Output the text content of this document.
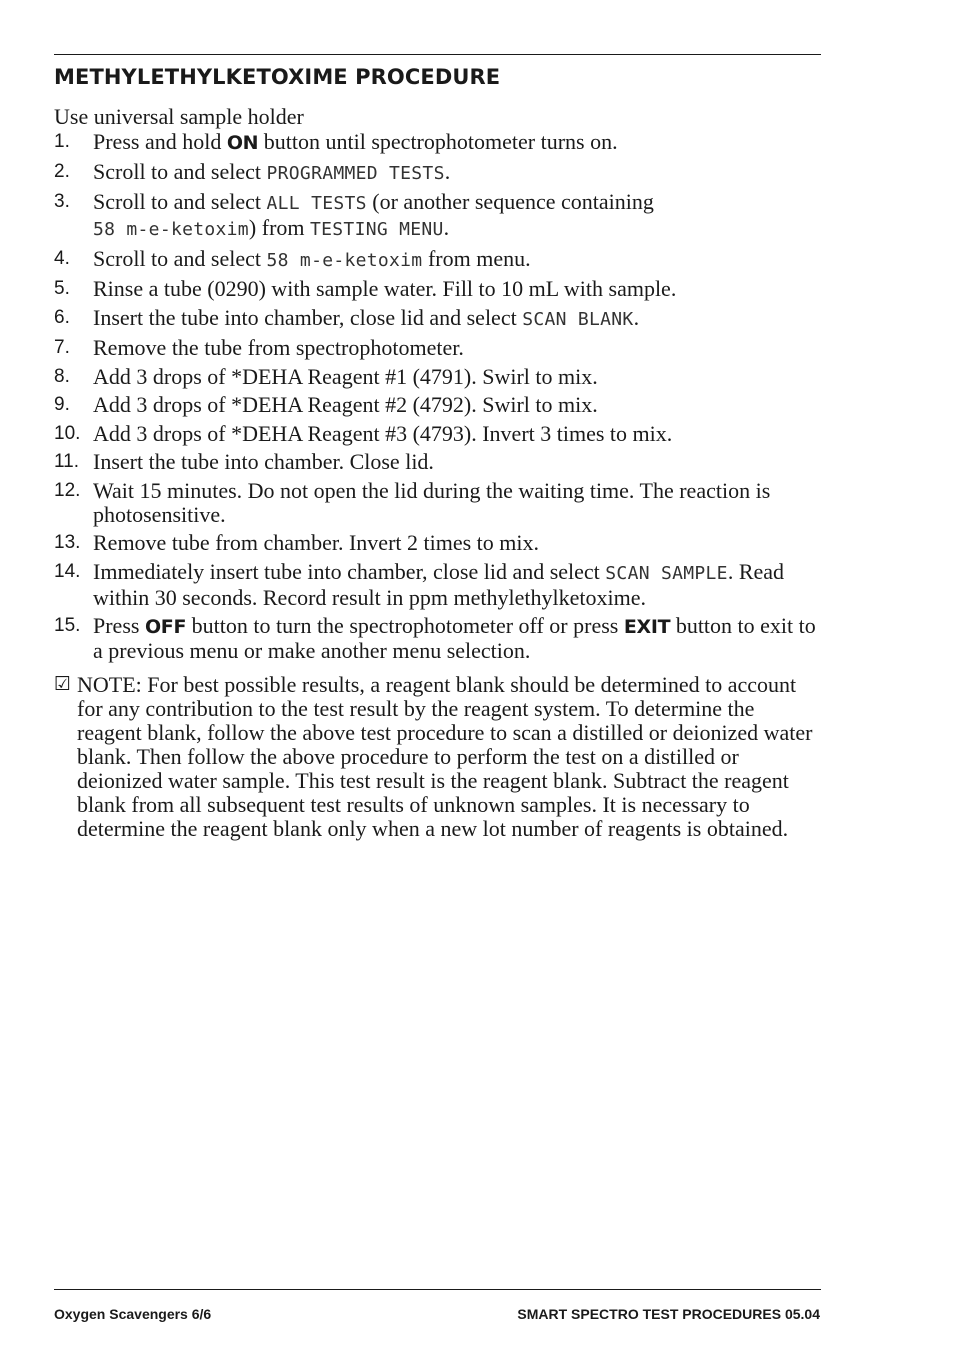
METHYLETHYLKETOXIME PROCEDURE

Use universal sample holder

1. Press and hold ON button until spectrophotometer turns on.
2. Scroll to and select PROGRAMMED TESTS.
3. Scroll to and select ALL TESTS (or another sequence containing
58 m-e-ketoxim) from TESTING MENU.
4. Scroll to and select 58 m-e-ketoxim from menu.
5. Rinse a tube (0290) with sample water. Fill to 10 mL with sample.
6. Insert the tube into chamber, close lid and select SCAN BLANK.
7. Remove the tube from spectrophotometer.
8. Add 3 drops of *DEHA Reagent #1 (4791). Swirl to mix.
9. Add 3 drops of *DEHA Reagent #2 (4792). Swirl to mix.
10. Add 3 drops of *DEHA Reagent #3 (4793). Invert 3 times to mix.
11. Insert the tube into chamber. Close lid.
12. Wait 15 minutes. Do not open the lid during the waiting time. The reaction is photosensitive.
13. Remove tube from chamber. Invert 2 times to mix.
14. Immediately insert tube into chamber, close lid and select SCAN SAMPLE. Read within 30 seconds. Record result in ppm methylethylketoxime.
15. Press OFF button to turn the spectrophotometer off or press EXIT button to exit to a previous menu or make another menu selection.
☑ NOTE: For best possible results, a reagent blank should be determined to account for any contribution to the test result by the reagent system. To determine the reagent blank, follow the above test procedure to scan a distilled or deionized water blank. Then follow the above procedure to perform the test on a distilled or deionized water sample. This test result is the reagent blank. Subtract the reagent blank from all subsequent test results of unknown samples. It is necessary to determine the reagent blank only when a new lot number of reagents is obtained.
Oxygen Scavengers 6/6	SMART SPECTRO TEST PROCEDURES 05.04
